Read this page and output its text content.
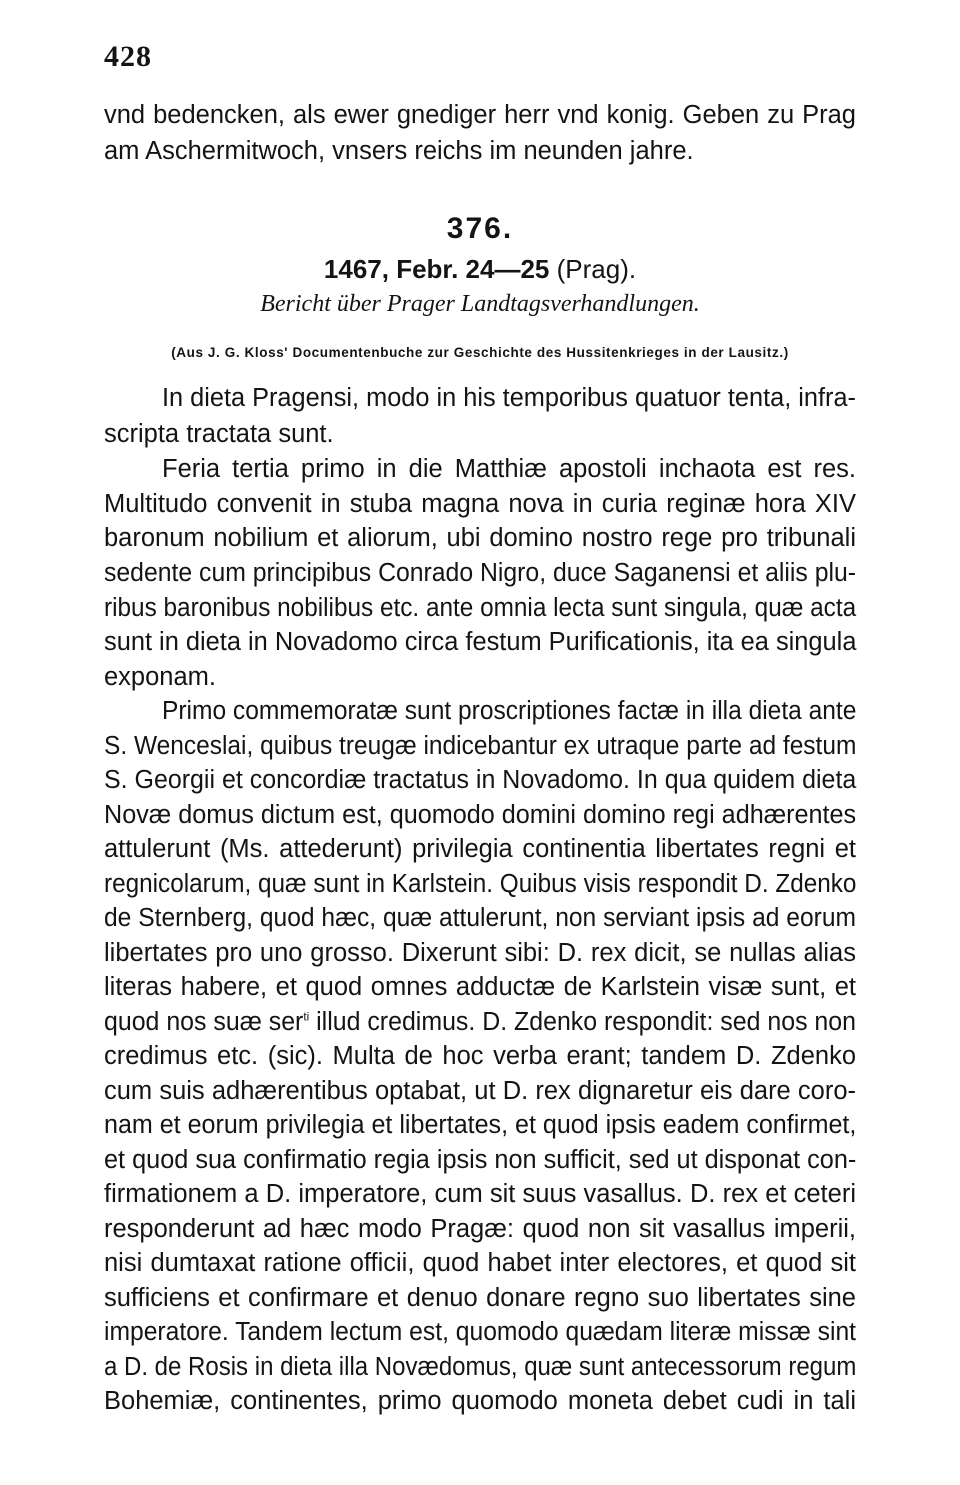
428
vnd bedencken, als ewer gnediger herr vnd konig. Geben zu Prag
am Aschermitwoch, vnsers reichs im neunden jahre.
376.
1467, Febr. 24—25 (Prag).
Bericht über Prager Landtagsverhandlungen.
(Aus J. G. Kloss' Documentenbuche zur Geschichte des Hussitenkrieges in der Lausitz.)
In dieta Pragensi, modo in his temporibus quatuor tenta, infra-
scripta tractata sunt.
Feria tertia primo in die Matthiæ apostoli inchaota est res.
Multitudo convenit in stuba magna nova in curia reginæ hora XIV
baronum nobilium et aliorum, ubi domino nostro rege pro tribunali
sedente cum principibus Conrado Nigro, duce Saganensi et aliis plu-
ribus baronibus nobilibus etc. ante omnia lecta sunt singula, quæ acta
sunt in dieta in Novadomo circa festum Purificationis, ita ea singula
exponam.
Primo commemoratæ sunt proscriptiones factæ in illa dieta ante
S. Wenceslai, quibus treugæ indicebantur ex utraque parte ad festum
S. Georgii et concordiæ tractatus in Novadomo. In qua quidem dieta
Novæ domus dictum est, quomodo domini domino regi adhærentes
attulerunt (Ms. attederunt) privilegia continentia libertates regni et
regnicolarum, quæ sunt in Karlstein. Quibus visis respondit D. Zdenko
de Sternberg, quod hæc, quæ attulerunt, non serviant ipsis ad eorum
libertates pro uno grosso. Dixerunt sibi: D. rex dicit, se nullas alias
literas habere, et quod omnes adductæ de Karlstein visæ sunt, et
quod nos suæ ser$^{ti}$ illud credimus. D. Zdenko respondit: sed nos non
credimus etc. (sic). Multa de hoc verba erant; tandem D. Zdenko
cum suis adhærentibus optabat, ut D. rex dignaretur eis dare coro-
nam et eorum privilegia et libertates, et quod ipsis eadem confirmet,
et quod sua confirmatio regia ipsis non sufficit, sed ut disponat con-
firmationem a D. imperatore, cum sit suus vasallus. D. rex et ceteri
responderunt ad hæc modo Pragæ: quod non sit vasallus imperii,
nisi dumtaxat ratione officii, quod habet inter electores, et quod sit
sufficiens et confirmare et denuo donare regno suo libertates sine
imperatore. Tandem lectum est, quomodo quædam literæ missæ sint
a D. de Rosis in dieta illa Novædomus, quæ sunt antecessorum regum
Bohemiæ, continentes, primo quomodo moneta debet cudi in tali
